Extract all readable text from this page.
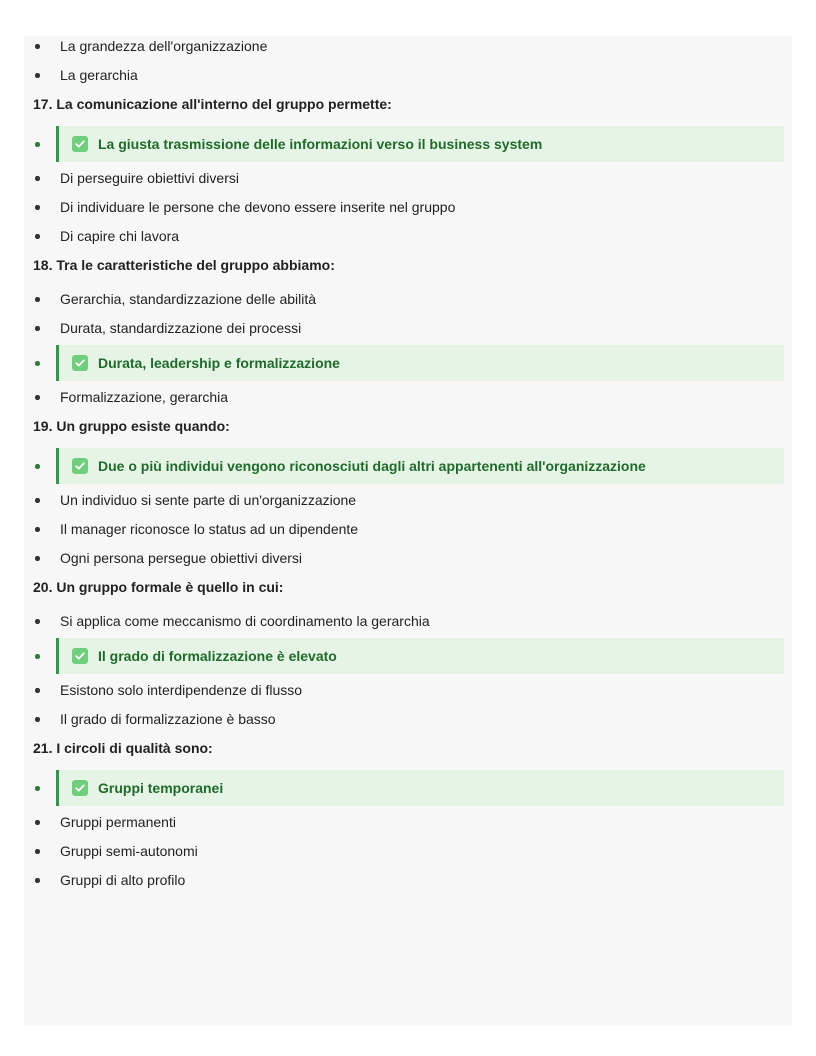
La grandezza dell'organizzazione
La gerarchia
17. La comunicazione all'interno del gruppo permette:
La giusta trasmissione delle informazioni verso il business system
Di perseguire obiettivi diversi
Di individuare le persone che devono essere inserite nel gruppo
Di capire chi lavora
18. Tra le caratteristiche del gruppo abbiamo:
Gerarchia, standardizzazione delle abilità
Durata, standardizzazione dei processi
Durata, leadership e formalizzazione
Formalizzazione, gerarchia
19. Un gruppo esiste quando:
Due o più individui vengono riconosciuti dagli altri appartenenti all'organizzazione
Un individuo si sente parte di un'organizzazione
Il manager riconosce lo status ad un dipendente
Ogni persona persegue obiettivi diversi
20. Un gruppo formale è quello in cui:
Si applica come meccanismo di coordinamento la gerarchia
Il grado di formalizzazione è elevato
Esistono solo interdipendenze di flusso
Il grado di formalizzazione è basso
21. I circoli di qualità sono:
Gruppi temporanei
Gruppi permanenti
Gruppi semi-autonomi
Gruppi di alto profilo
